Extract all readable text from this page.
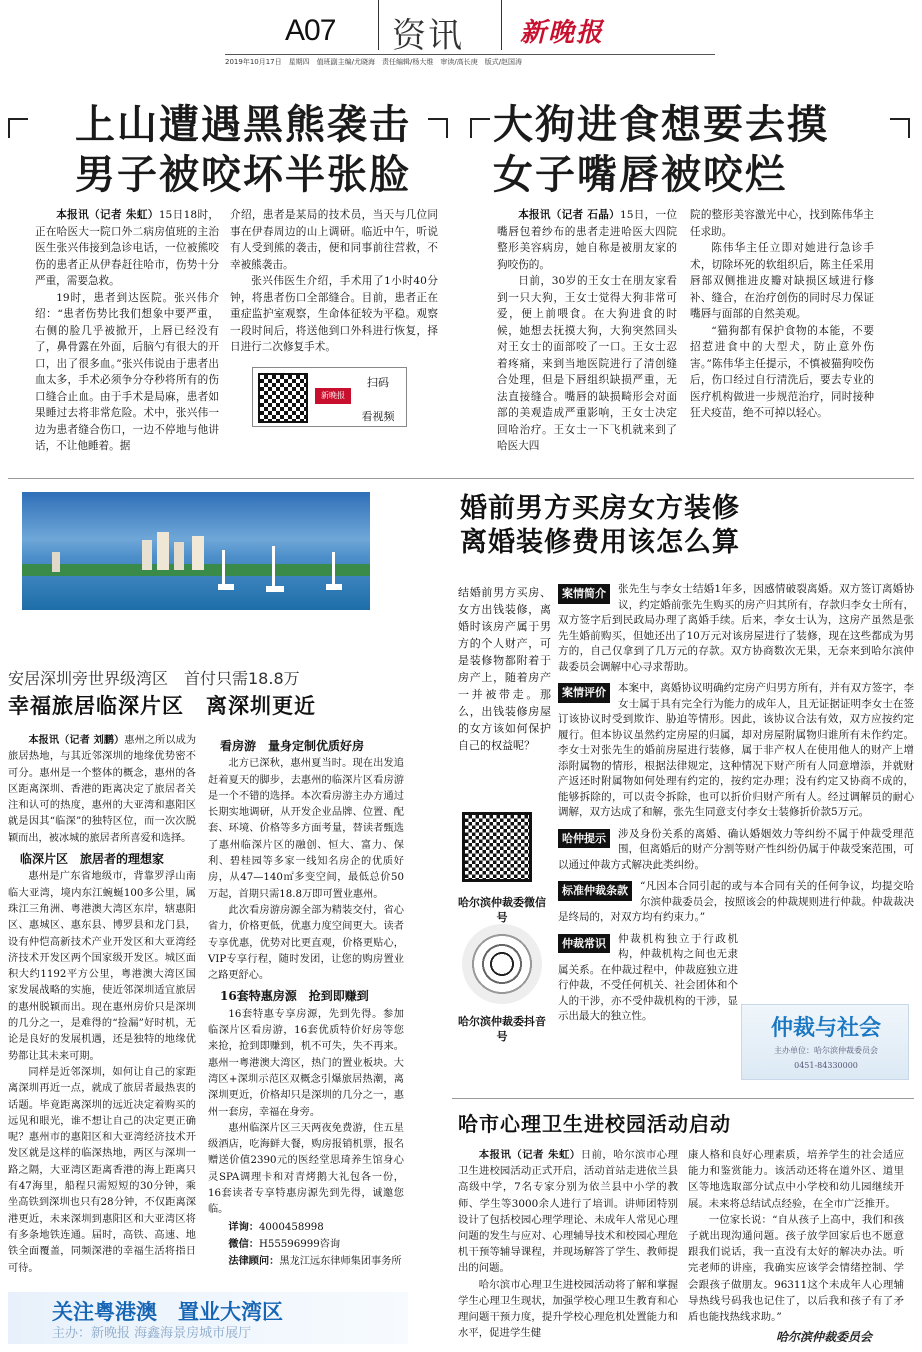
A07 资讯 新晚报
2019年10月17日　星期四　值班副主编/尤晓海　责任编辑/杨大维　审读/高长庚　版式/赵国涛
上山遭遇黑熊袭击
男子被咬坏半张脸

本报讯（记者 朱虹）15日18时，正在哈医大一院口外二病房值班的主治医生张兴伟接到急诊电话，一位被熊咬伤的患者正从伊春赶往哈市，伤势十分严重，需要急救。

19时，患者到达医院。张兴伟介绍：“患者伤势比我们想象中要严重，右侧的脸几乎被掀开，上唇已经没有了，鼻骨露在外面，后脑勺有很大的开口，出了很多血。”张兴伟说由于患者出血太多，手术必须争分夺秒将所有的伤口缝合止血。由于手术是局麻，患者如果睡过去将非常危险。术中，张兴伟一边为患者缝合伤口，一边不停地与他讲话，不让他睡着。据

介绍，患者是某局的技术员，当天与几位同事在伊春周边的山上调研。临近中午，听说有人受到熊的袭击，便和同事前往营救，不幸被熊袭击。

张兴伟医生介绍，手术用了1小时40分钟，将患者伤口全部缝合。目前，患者正在重症监护室观察，生命体征较为平稳。观察一段时间后，将送他到口外科进行恢复，择日进行二次修复手术。

新晚报
扫码
看视频
大狗进食想要去摸
女子嘴唇被咬烂

本报讯（记者 石晶）15日，一位嘴唇包着纱布的患者走进哈医大四院整形美容病房，她自称是被朋友家的狗咬伤的。

日前，30岁的王女士在朋友家看到一只大狗，王女士觉得大狗非常可爱，便上前喂食。在大狗进食的时候，她想去抚摸大狗，大狗突然回头对王女士的面部咬了一口。王女士忍着疼痛，来到当地医院进行了清创缝合处理，但是下唇组织缺损严重，无法直接缝合。嘴唇的缺损畸形会对面部的美观造成严重影响，王女士决定回哈治疗。王女士一下飞机就来到了哈医大四

院的整形美容激光中心，找到陈伟华主任求助。

陈伟华主任立即对她进行急诊手术，切除坏死的软组织后，陈主任采用唇部双侧推进皮瓣对缺损区域进行修补、缝合，在治疗创伤的同时尽力保证嘴唇与面部的自然美观。

“猫狗都有保护食物的本能，不要招惹进食中的大型犬，防止意外伤害。”陈伟华主任提示，不慎被猫狗咬伤后，伤口经过自行清洗后，要去专业的医疗机构做进一步规范治疗，同时接种狂犬疫苗，绝不可掉以轻心。

安居深圳旁世界级湾区　首付只需18.8万
幸福旅居临深片区　离深圳更近

本报讯（记者 刘鹏）惠州之所以成为旅居热地，与其近邻深圳的地缘优势密不可分。惠州是一个整体的概念，惠州的各区距离深圳、香港的距离决定了旅居者关注和认可的热度，惠州的大亚湾和惠阳区就是因其“临深”的独特区位，而一次次脱颖而出，被冰城的旅居者所喜爱和选择。

临深片区　旅居者的理想家

惠州是广东省地级市，背靠罗浮山南临大亚湾，境内东江蜿蜒100多公里，属珠江三角洲、粤港澳大湾区东岸，辖惠阳区、惠城区、惠东县、博罗县和龙门县，设有仲恺高新技术产业开发区和大亚湾经济技术开发区两个国家级开发区。城区面积大约1192平方公里，粤港澳大湾区国家发展战略的实施，使近邻深圳适宜旅居的惠州脱颖而出。现在惠州房价只是深圳的几分之一，是难得的“捡漏”好时机，无论是良好的发展机遇，还是独特的地缘优势都让其未来可期。

同样是近邻深圳，如何让自己的家距离深圳再近一点，就成了旅居者最热衷的话题。毕竟距离深圳的远近决定着购买的远见和眼光，谁不想让自己的决定更正确呢？惠州市的惠阳区和大亚湾经济技术开发区就是这样的临深热地，两区与深圳一路之隔，大亚湾区距离香港的海上距离只有47海里，船程只需短短的30分钟，乘坐高铁到深圳也只有28分钟，不仅距离深港更近，未来深圳到惠阳区和大亚湾区将有多条地铁连通。届时，高铁、高速、地铁全面覆盖，同频深港的幸福生活将指日可待。

看房游　量身定制优质好房

北方已深秋，惠州夏当时。现在出发追赶着夏天的脚步，去惠州的临深片区看房游是一个不错的选择。本次看房游主办方通过长期实地调研，从开发企业品牌、位置、配套、环境、价格等多方面考量，替读者甄选了惠州临深片区的融创、恒大、富力、保利、碧桂园等多家一线知名房企的优质好房，从47—140㎡多变空间，最低总价50万起，首期只需18.8万即可置业惠州。

此次看房游房源全部为精装交付，省心省力，价格更低，优惠力度空间更大。读者专享优惠，优势对比更直观，价格更贴心，VIP专享行程，随时发团，让您的购房置业之路更舒心。

16套特惠房源　抢到即赚到

16套特惠专享房源，先到先得。参加临深片区看房游，16套优质特价好房等您来抢，抢到即赚到，机不可失，失不再来。惠州一粤港澳大湾区，热门的置业板块。大湾区+深圳示范区双概念引爆旅居热潮，离深圳更近，价格却只是深圳的几分之一，惠州一套房，幸福在身旁。

惠州临深片区三天两夜免费游，住五星级酒店，吃海鲜大餐，购房报销机票，报名赠送价值2390元的医经堂思琦养生馆身心灵SPA调理卡和对青烤鹅大礼包各一份，16套读者专享特惠房源先到先得，诚邀您临。

详询：4000458998

微信：H55596999咨询

法律顾问：黑龙江远东律师集团事务所

关注粤港澳　置业大湾区
主办：新晚报 海鑫海景房城市展厅
婚前男方买房女方装修
离婚装修费用该怎么算
结婚前男方买房、女方出钱装修，离婚时该房产属于男方的个人财产，可是装修物都附着于房产上，随着房产一并被带走。那么，出钱装修房屋的女方该如何保护自己的权益呢？
哈尔滨仲裁委微信号
哈尔滨仲裁委抖音号
案情简介	张先生与李女士结婚1年多，因感情破裂离婚。双方签订离婚协议，约定婚前张先生购买的房产归其所有，存款归李女士所有，双方签字后到民政局办理了离婚手续。后来，李女士认为，这房产虽然是张先生婚前购买，但她还出了10万元对该房屋进行了装修，现在这些都成为男方的，自己仅拿到了几万元的存款。双方协商数次无果，无奈来到哈尔滨仲裁委员会调解中心寻求帮助。

案情评价	本案中，离婚协议明确约定房产归男方所有，并有双方签字，李女士属于具有完全行为能力的成年人，且无证据证明李女士在签订该协议时受到欺诈、胁迫等情形。因此，该协议合法有效，双方应按约定履行。但本协议虽然约定房屋的归属，却对房屋附属物归谁所有未作约定。李女士对张先生的婚前房屋进行装修，属于非产权人在使用他人的财产上增添附属物的情形，根据法律规定，这种情况下财产所有人同意增添，并就财产返还时附属物如何处理有约定的，按约定办理；没有约定又协商不成的，能够拆除的，可以责令拆除，也可以折价归财产所有人。经过调解员的耐心调解，双方达成了和解，张先生同意支付李女士装修折价款5万元。

哈仲提示	涉及身份关系的离婚、确认婚姻效力等纠纷不属于仲裁受理范围，但离婚后的财产分割等财产性纠纷仍属于仲裁受案范围，可以通过仲裁方式解决此类纠纷。

标准仲裁条款	“凡因本合同引起的或与本合同有关的任何争议，均提交哈尔滨仲裁委员会，按照该会的仲裁规则进行仲裁。仲裁裁决是终局的，对双方均有约束力。”

仲裁常识	仲裁机构独立于行政机构，仲裁机构之间也无隶属关系。在仲裁过程中，仲裁庭独立进行仲裁，不受任何机关、社会团体和个人的干涉，亦不受仲裁机构的干涉，显示出最大的独立性。	仲裁与社会
主办单位：哈尔滨仲裁委员会
0451-84330000
哈市心理卫生进校园活动启动

本报讯（记者 朱虹）日前，哈尔滨市心理卫生进校园活动正式开启，活动首站走进依兰县高级中学，7名专家分别为依兰县中小学的教师、学生等3000余人进行了培训。讲师团特别设计了包括校园心理学理论、未成年人常见心理问题的发生与应对、心理辅导技术和校园心理危机干预等辅导课程，并现场解答了学生、教师提出的问题。

哈尔滨市心理卫生进校园活动将了解和掌握学生心理卫生现状，加强学校心理卫生教育和心理问题干预力度，提升学校心理危机处置能力和水平，促进学生健

康人格和良好心理素质，培养学生的社会适应能力和鉴赏能力。该活动还将在道外区、道里区等地选取部分试点中小学校和幼儿园继续开展。未来将总结试点经验，在全市广泛推开。

一位家长说：“自从孩子上高中，我们和孩子就出现沟通问题。孩子放学回家后也不愿意跟我们说话，我一直没有太好的解决办法。听完老师的讲座，我确实应该学会情绪控制、学会跟孩子做朋友。96311这个未成年人心理辅导热线号码我也记住了，以后我和孩子有了矛盾也能找热线求助。”

哈尔滨仲裁委员会
